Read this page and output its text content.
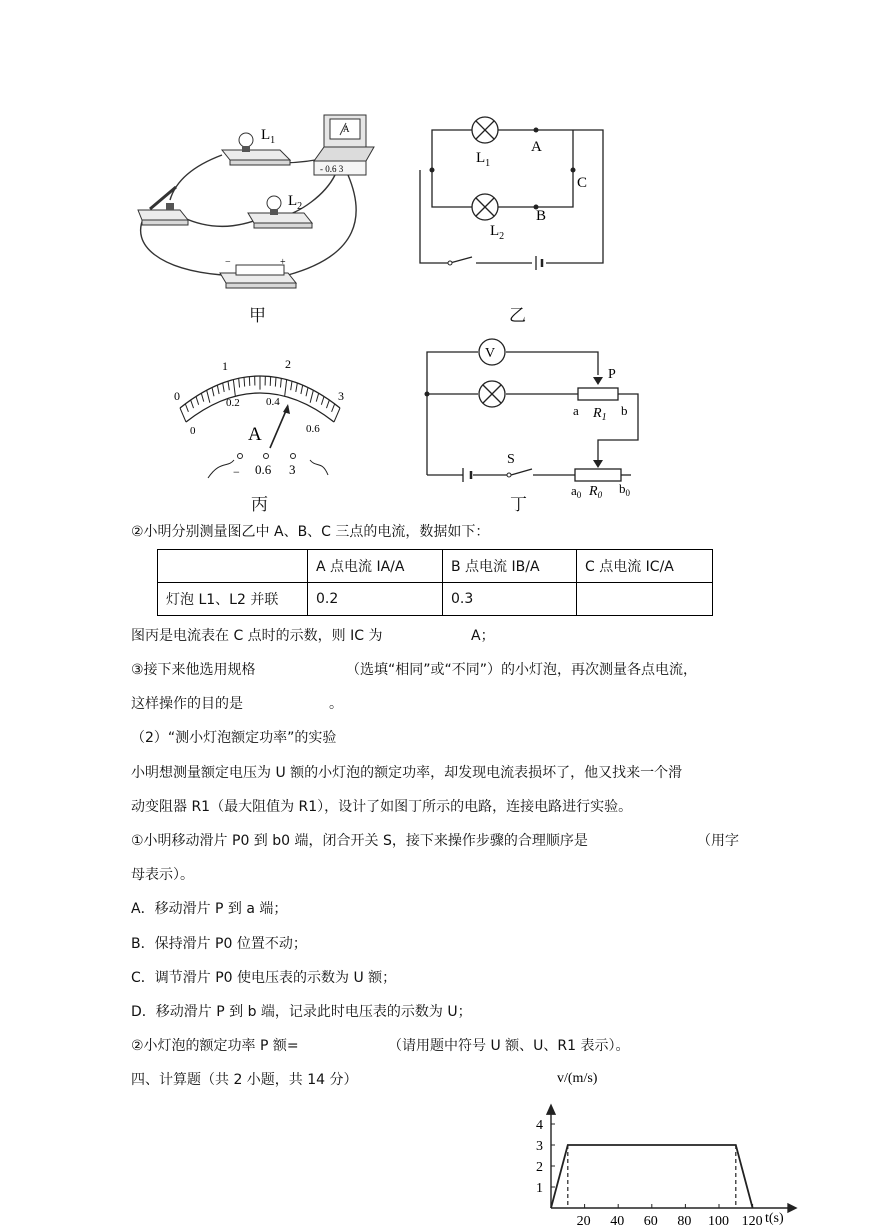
$L_1$
A
- 0.6 3
$L_2$
−	+
甲
$L_1$
A
C
B
$L_2$
乙
0
1	2
3
0
0.2 0.4
0.6
A
− 0.6 3
丙
V
P
a $R_1$ b
S
$a_0$ $R_0$ $b_0$
丁
②小明分别测量图乙中 A、B、C 三点的电流，数据如下：
	A 点电流 IA/A	B 点电流 IB/A	C 点电流 IC/A
灯泡 L1、L2 并联	0.2	0.3	
图丙是电流表在 C 点时的示数，则 IC 为	A；
③接下来他选用规格	（选填“相同”或“不同”）的小灯泡，再次测量各点电流，
这样操作的目的是	。
（2）“测小灯泡额定功率”的实验
小明想测量额定电压为 U 额的小灯泡的额定功率，却发现电流表损坏了，他又找来一个滑
动变阻器 R1（最大阻值为 R1），设计了如图丁所示的电路，连接电路进行实验。
①小明移动滑片 P0 到 b0 端，闭合开关 S，接下来操作步骤的合理顺序是	（用字
母表示）。
A．移动滑片 P 到 a 端；
B．保持滑片 P0 位置不动；
C．调节滑片 P0 使电压表的示数为 U 额；
D．移动滑片 P 到 b 端，记录此时电压表的示数为 U；
②小灯泡的额定功率 P 额=	（请用题中符号 U 额、U、R1 表示）。
四、计算题（共 2 小题，共 14 分）
20 40 60 80 100 120
1
2
3
4
v/(m/s)
t(s)
